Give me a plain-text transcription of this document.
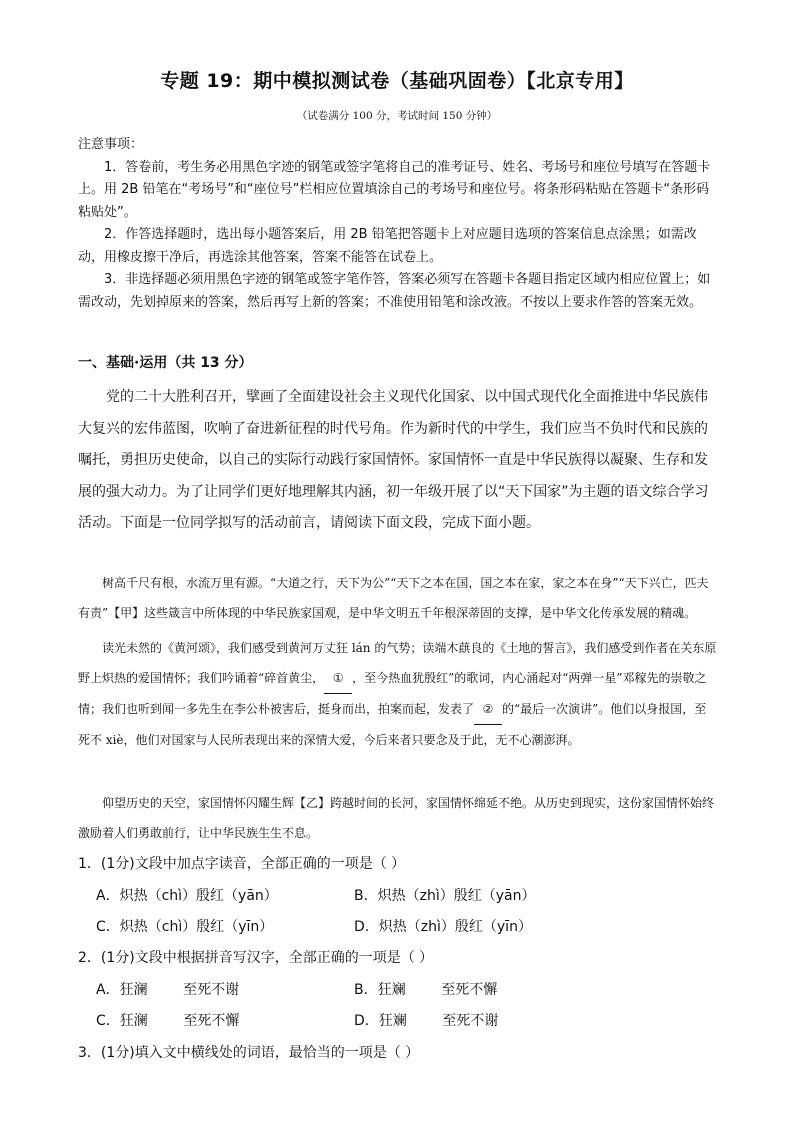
专题 19：期中模拟测试卷（基础巩固卷）【北京专用】
（试卷满分 100 分，考试时间 150 分钟）

注意事项：

1．答卷前，考生务必用黑色字迹的钢笔或签字笔将自己的准考证号、姓名、考场号和座位号填写在答题卡上。用 2B 铅笔在“考场号”和“座位号”栏相应位置填涂自己的考场号和座位号。将条形码粘贴在答题卡“条形码粘贴处”。

2．作答选择题时，选出每小题答案后，用 2B 铅笔把答题卡上对应题目选项的答案信息点涂黑；如需改动，用橡皮擦干净后，再选涂其他答案，答案不能答在试卷上。

3．非选择题必须用黑色字迹的钢笔或签字笔作答，答案必须写在答题卡各题目指定区域内相应位置上；如需改动，先划掉原来的答案，然后再写上新的答案；不准使用铅笔和涂改液。不按以上要求作答的答案无效。

一、基础·运用（共 13 分）

党的二十大胜利召开，擘画了全面建设社会主义现代化国家、以中国式现代化全面推进中华民族伟大复兴的宏伟蓝图，吹响了奋进新征程的时代号角。作为新时代的中学生，我们应当不负时代和民族的嘱托，勇担历史使命，以自己的实际行动践行家国情怀。家国情怀一直是中华民族得以凝聚、生存和发展的强大动力。为了让同学们更好地理解其内涵，初一年级开展了以“天下国家”为主题的语文综合学习活动。下面是一位同学拟写的活动前言，请阅读下面文段，完成下面小题。

树高千尺有根，水流万里有源。“大道之行，天下为公”“天下之本在国，国之本在家，家之本在身”“天下兴亡，匹夫有责”【甲】这些箴言中所体现的中华民族家国观，是中华文明五千年根深蒂固的支撑，是中华文化传承发展的精魂。

读光未然的《黄河颂》，我们感受到黄河万丈狂 lán 的气势；读端木蕻良的《土地的誓言》，我们感受到作者在关东原野上炽热的爱国情怀；我们吟诵着“碎首黄尘， ① ，至今热血犹殷红”的歌词，内心涌起对“两弹一星”邓稼先的崇敬之情；我们也听到闻一多先生在李公朴被害后，挺身而出，拍案而起，发表了 ② 的“最后一次演讲”。他们以身报国，至死不 xiè，他们对国家与人民所表现出来的深情大爱，今后来者只要念及于此，无不心潮澎湃。

仰望历史的天空，家国情怀闪耀生辉【乙】跨越时间的长河，家国情怀绵延不绝。从历史到现实，这份家国情怀始终激励着人们勇敢前行，让中华民族生生不息。

1．(1分)文段中加点字读音，全部正确的一项是（ ）
A．炽热（chì）殷红（yān）	B．炽热（zhì）殷红（yān）
C．炽热（chì）殷红（yīn）	D．炽热（zhì）殷红（yīn）
2．(1分)文段中根据拼音写汉字，全部正确的一项是（ ）
A．狂澜        至死不谢	B．狂斓        至死不懈
C．狂澜        至死不懈	D．狂斓        至死不谢
3．(1分)填入文中横线处的词语，最恰当的一项是（ ）
